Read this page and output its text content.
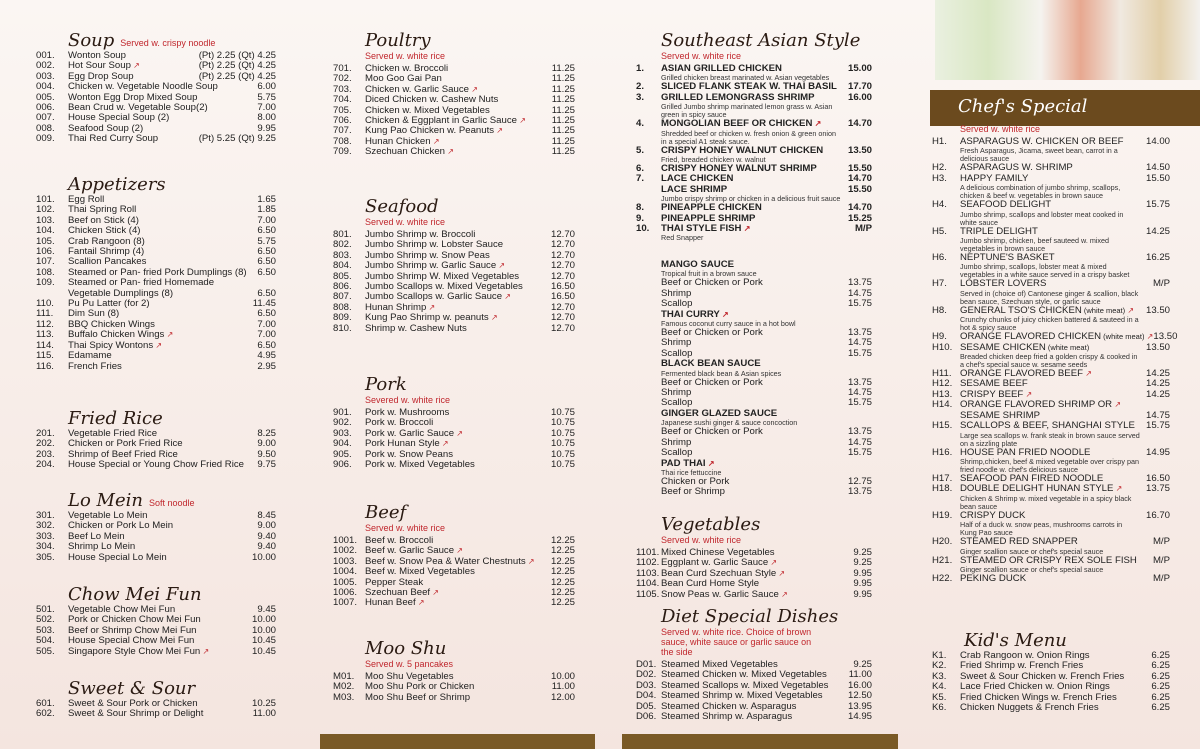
Chef's Special
Soup Served w. crispy noodle
001.	Wonton Soup	(Pt) 2.25 (Qt) 4.25
002.	Hot Sour Soup ↗	(Pt) 2.25 (Qt) 4.25
003.	Egg Drop Soup	(Pt) 2.25 (Qt) 4.25
004.	Chicken w. Vegetable Noodle Soup	6.00
005.	Wonton Egg Drop Mixed Soup	5.75
006.	Bean Crud w. Vegetable Soup(2)	7.00
007.	House Special Soup (2)	8.00
008.	Seafood Soup (2)	9.95
009.	Thai Red Curry Soup	(Pt) 5.25 (Qt) 9.25
Appetizers
101.	Egg Roll	1.65
102.	Thai Spring Roll	1.85
103.	Beef on Stick (4)	7.00
104.	Chicken Stick (4)	6.50
105.	Crab Rangoon (8)	5.75
106.	Fantail Shrimp (4)	6.50
107.	Scallion Pancakes	6.50
108.	Steamed or Pan- fried Pork Dumplings (8)	6.50
109.	Steamed or Pan- fried Homemade
Vegetable Dumplings (8)	6.50
110.	Pu Pu Latter (for 2)	11.45
111.	Dim Sun (8)	6.50
112.	BBQ Chicken Wings	7.00
113.	Buffalo Chicken Wings ↗	7.00
114.	Thai Spicy Wontons ↗	6.50
115.	Edamame	4.95
116.	French Fries	2.95
Fried Rice
201.	Vegetable Fried Rice	8.25
202.	Chicken or Pork Fried Rice	9.00
203.	Shrimp of Beef Fried Rice	9.50
204.	House Special or Young Chow Fried Rice	9.75
Lo Mein Soft noodle
301.	Vegetable Lo Mein	8.45
302.	Chicken or Pork Lo Mein	9.00
303.	Beef Lo Mein	9.40
304.	Shrimp Lo Mein	9.40
305.	House Special Lo Mein	10.00
Chow Mei Fun
501.	Vegetable Chow Mei Fun	9.45
502.	Pork or Chicken Chow Mei Fun	10.00
503.	Beef or Shrimp Chow Mei Fun	10.00
504.	House Special Chow Mei Fun	10.45
505.	Singapore Style Chow Mei Fun ↗	10.45
Sweet & Sour
601.	Sweet & Sour Pork or Chicken	10.25
602.	Sweet & Sour Shrimp or Delight	11.00
Poultry
Served w. white rice
701.	Chicken w. Broccoli	11.25
702.	Moo Goo Gai Pan	11.25
703.	Chicken w. Garlic Sauce ↗	11.25
704.	Diced Chicken w. Cashew Nuts	11.25
705.	Chicken w. Mixed Vegetables	11.25
706.	Chicken & Eggplant in Garlic Sauce ↗	11.25
707.	Kung Pao Chicken w. Peanuts ↗	11.25
708.	Hunan Chicken ↗	11.25
709.	Szechuan Chicken ↗	11.25
Seafood
Served w. white rice
801.	Jumbo Shrimp w. Broccoli	12.70
802.	Jumbo Shrimp w. Lobster Sauce	12.70
803.	Jumbo Shrimp w. Snow Peas	12.70
804.	Jumbo Shrimp w. Garlic Sauce ↗	12.70
805.	Jumbo Shrimp W. Mixed Vegetables	12.70
806.	Jumbo Scallops w. Mixed Vegetables	16.50
807.	Jumbo Scallops w. Garlic Sauce ↗	16.50
808.	Hunan Shrimp ↗	12.70
809.	Kung Pao Shrimp w. peanuts ↗	12.70
810.	Shrimp w. Cashew Nuts	12.70
Pork
Severed w. white rice
901.	Pork w. Mushrooms	10.75
902.	Pork w. Broccoli	10.75
903.	Pork w. Garlic Sauce ↗	10.75
904.	Pork Hunan Style ↗	10.75
905.	Pork w. Snow Peans	10.75
906.	Pork w. Mixed Vegetables	10.75
Beef
Served w. white rice
1001. Beef w. Broccoli	12.25
1002. Beef w. Garlic Sauce ↗	12.25
1003. Beef w. Snow Pea & Water Chestnuts ↗	12.25
1004. Beef w. Mixed Vegetables	12.25
1005. Pepper Steak	12.25
1006. Szechuan Beef ↗	12.25
1007. Hunan Beef ↗	12.25
Moo Shu
Served w. 5 pancakes
M01.	Moo Shu Vegetables	10.00
M02.	Moo Shu Pork or Chicken	11.00
M03.	Moo Shu Beef or Shrimp	12.00
Southeast Asian Style
Served w. white rice
1.	ASIAN GRILLED CHICKEN	15.00
Grilled chicken breast marinated w. Asian vegetables
2.	SLICED FLANK STEAK W. THAI BASIL	17.70
3.	GRILLED LEMONGRASS SHRIMP	16.00
Grilled Jumbo shrimp marinated lemon grass w. Asian green in spicy sauce
4.	MONGOLIAN BEEF OR CHICKEN ↗	14.70
Shredded beef or chicken w. fresh onion & green onion in a special A1 steak sauce.
5.	CRISPY HONEY WALNUT CHICKEN	13.50
Fried, breaded chicken w. walnut
6.	CRISPY HONEY WALNUT SHRIMP	15.50
7.	LACE CHICKEN	14.70
LACE SHRIMP	15.50
Jumbo crispy shrimp or chicken in a delicious fruit sauce
8.	PINEAPPLE CHICKEN	14.70
9.	PINEAPPLE SHRIMP	15.25
10.	THAI STYLE FISH ↗	M/P
Red Snapper
MANGO SAUCE
Tropical fruit in a brown sauce
Beef or Chicken or Pork	13.75
Shrimp	14.75
Scallop	15.75
THAI CURRY ↗
Famous coconut curry sauce in a hot bowl
Beef or Chicken or Pork	13.75
Shrimp	14.75
Scallop	15.75
BLACK BEAN SAUCE
Fermented black bean & Asian spices
Beef or Chicken or Pork	13.75
Shrimp	14.75
Scallop	15.75
GINGER GLAZED SAUCE
Japanese sushi ginger & sauce concoction
Beef or Chicken or Pork	13.75
Shrimp	14.75
Scallop	15.75
PAD THAI ↗
Thai rice fettuccine
Chicken or Pork	12.75
Beef or Shrimp	13.75
Vegetables
Served w. white rice
1101. Mixed Chinese Vegetables	9.25
1102. Eggplant w. Garlic Sauce ↗	9.25
1103. Bean Curd Szechuan Style ↗	9.95
1104. Bean Curd Home Style	9.95
1105. Snow Peas w. Garlic Sauce ↗	9.95
Diet Special Dishes
Served w. white rice. Choice of brown sauce, white sauce or garlic sauce on the side
D01. Steamed Mixed Vegetables	9.25
D02. Steamed Chicken w. Mixed Vegetables	11.00
D03. Steamed Scallops w. Mixed Vegetables	16.00
D04. Steamed Shrimp w. Mixed Vegetables	12.50
D05. Steamed Chicken w. Asparagus	13.95
D06. Steamed Shrimp w. Asparagus	14.95
Served w. white rice
H1.	ASPARAGUS W. CHICKEN OR BEEF	14.00
Fresh Asparagus, Jicama, sweet bean, carrot in a delicious sauce
H2.	ASPARAGUS W. SHRIMP	14.50
H3.	HAPPY FAMILY	15.50
A delicious combination of jumbo shrimp, scallops, chicken & beef w. vegetables in brown sauce
H4.	SEAFOOD DELIGHT	15.75
Jumbo shrimp, scallops and lobster meat cooked in white sauce
H5.	TRIPLE DELIGHT	14.25
Jumbo shrimp, chicken, beef sauteed w. mixed vegetables in brown sauce
H6.	NEPTUNE'S BASKET	16.25
Jumbo shrimp, scallops, lobster meat & mixed vegetables in a white sauce served in a crispy basket
H7.	LOBSTER LOVERS	M/P
Served in (choice of) Cantonese ginger & scallion, black bean sauce, Szechuan style, or garlic sauce
H8.	GENERAL TSO'S CHICKEN (white meat) ↗	13.50
Crunchy chunks of juicy chicken battered & sauteed in a hot & spicy sauce
H9.	ORANGE FLAVORED CHICKEN (white meat) ↗ 13.50
H10. SESAME CHICKEN (white meat)	13.50
Breaded chicken deep fried a golden crispy & cooked in a chef's special sauce w. sesame seeds
H11. ORANGE FLAVORED BEEF ↗	14.25
H12. SESAME BEEF	14.25
H13. CRISPY BEEF ↗	14.25
H14. ORANGE FLAVORED SHRIMP OR ↗
SESAME SHRIMP	14.75
H15. SCALLOPS & BEEF, SHANGHAI STYLE	15.75
Large sea scallops w. frank steak in brown sauce served on a sizzling plate
H16. HOUSE PAN FRIED NOODLE	14.95
Shrimp,chicken, beef & mixed vegetable over crispy pan fried noodle w. chef's delicious sauce
H17. SEAFOOD PAN FIRED NOODLE	16.50
H18. DOUBLE DELIGHT HUNAN STYLE ↗	13.75
Chicken & Shrimp w. mixed vegetable in a spicy black bean sauce
H19. CRISPY DUCK	16.70
Half of a duck w. snow peas, mushrooms carrots in Kung Pao sauce
H20. STEAMED RED SNAPPER	M/P
Ginger scallion sauce or chef's special sauce
H21. STEAMED OR CRISPY REX SOLE FISH	M/P
Ginger scallion sauce or chef's special sauce
H22. PEKING DUCK	M/P
Kid's Menu
K1.	Crab Rangoon w. Onion Rings	6.25
K2.	Fried Shrimp w. French Fries	6.25
K3.	Sweet & Sour Chicken w. French Fries	6.25
K4.	Lace Fried Chicken w. Onion Rings	6.25
K5.	Fried Chicken Wings w. French Fries	6.25
K6.	Chicken Nuggets & French Fries	6.25
